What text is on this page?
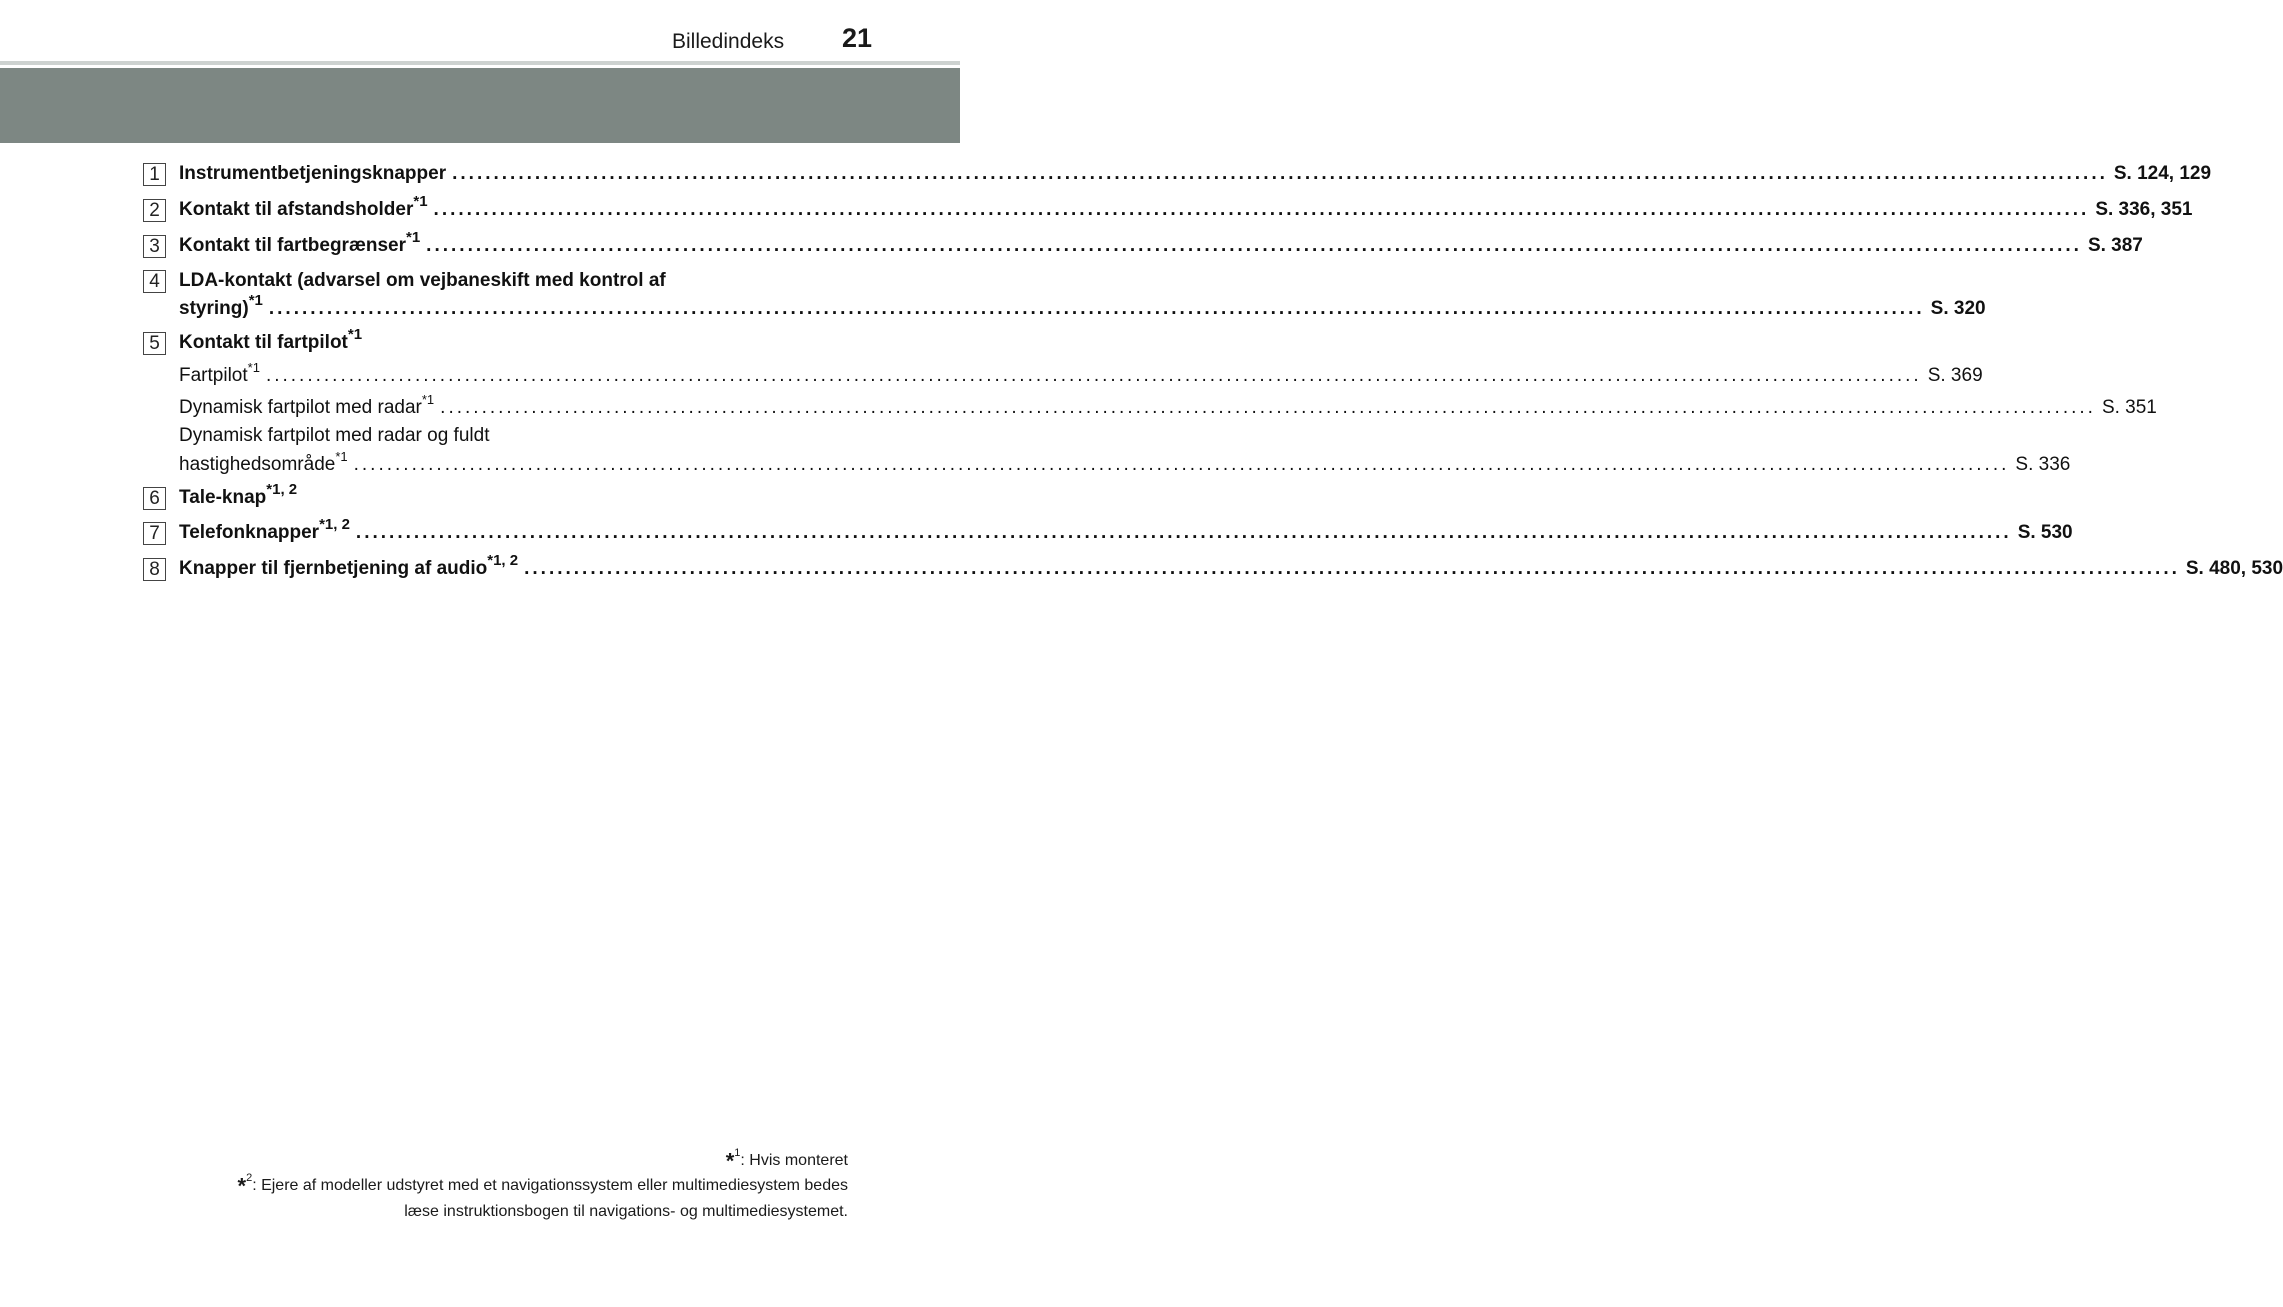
Billedindeks 21
1	Instrumentbetjeningsknapper ........................................................................................................................................................................................................ S. 124, 129
2	Kontakt til afstandsholder$^{*1}$ ........................................................................................................................................................................................................ S. 336, 351
3	Kontakt til fartbegrænser$^{*1}$ ........................................................................................................................................................................................................ S. 387
4	LDA-kontakt (advarsel om vejbaneskift med kontrol af
styring)$^{*1}$ ........................................................................................................................................................................................................ S. 320
5	Kontakt til fartpilot$^{*1}$
Fartpilot$^{*1}$ ........................................................................................................................................................................................................ S. 369
Dynamisk fartpilot med radar$^{*1}$ ........................................................................................................................................................................................................ S. 351
Dynamisk fartpilot med radar og fuldt
hastighedsområde$^{*1}$ ........................................................................................................................................................................................................ S. 336
6	Tale-knap$^{*1, 2}$
7	Telefonknapper$^{*1, 2}$ ........................................................................................................................................................................................................ S. 530
8	Knapper til fjernbetjening af audio$^{*1, 2}$ ........................................................................................................................................................................................................ S. 480, 530
*$^1$: Hvis monteret
*$^2$: Ejere af modeller udstyret med et navigationssystem eller multimediesystem bedes
læse instruktionsbogen til navigations- og multimediesystemet.
